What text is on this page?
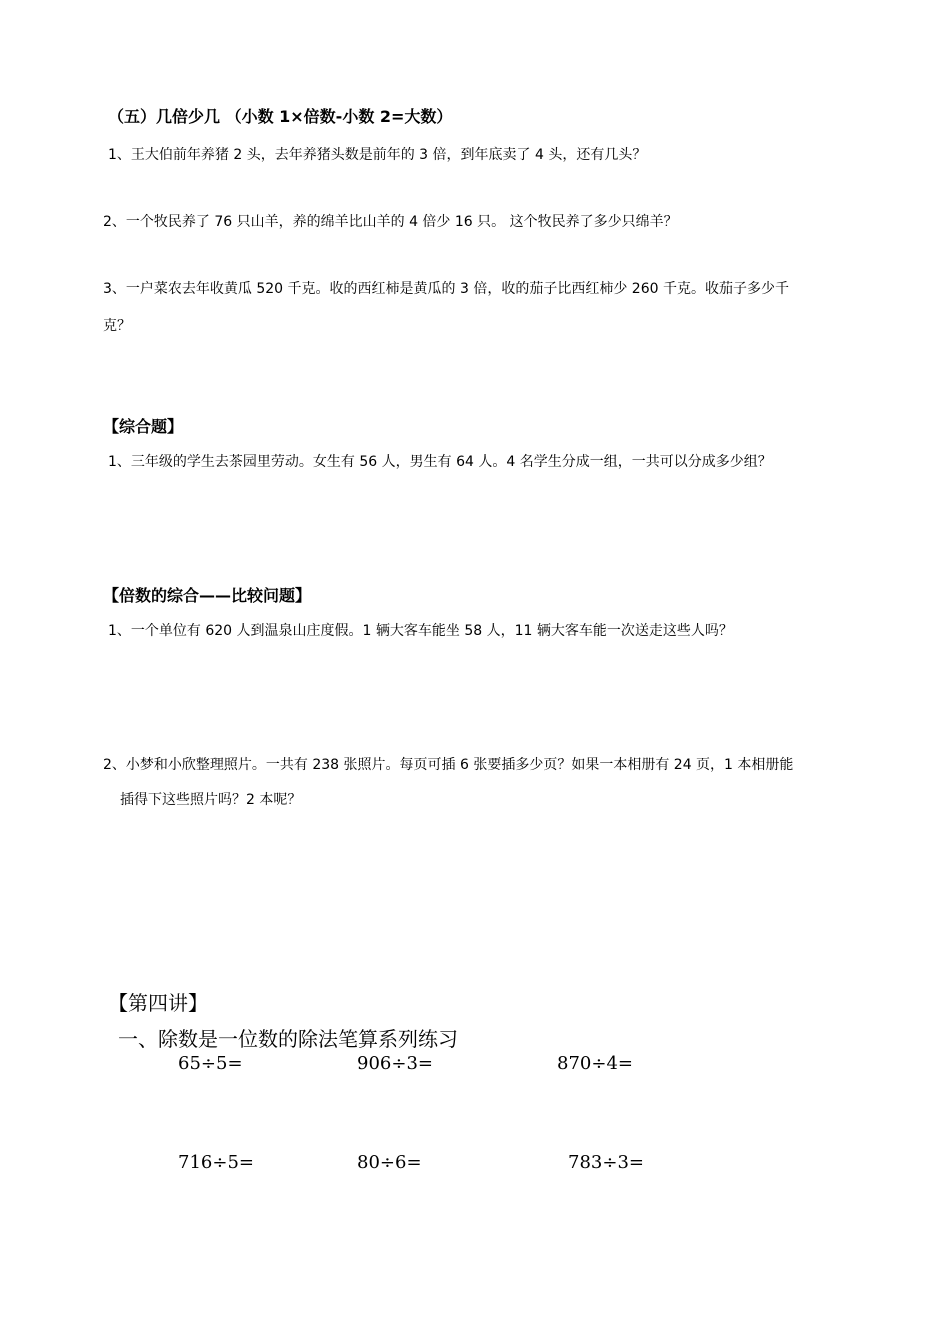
（五）几倍少几 （小数 1×倍数-小数 2=大数）
1、王大伯前年养猪 2 头，去年养猪头数是前年的 3 倍，到年底卖了 4 头，还有几头？
2、一个牧民养了 76 只山羊，养的绵羊比山羊的 4 倍少 16 只。 这个牧民养了多少只绵羊？
3、一户菜农去年收黄瓜 520 千克。收的西红柿是黄瓜的 3 倍，收的茄子比西红柿少 260 千克。收茄子多少千
克？
【综合题】
1、三年级的学生去茶园里劳动。女生有 56 人，男生有 64 人。4 名学生分成一组，一共可以分成多少组？
【倍数的综合——比较问题】
1、一个单位有 620 人到温泉山庄度假。1 辆大客车能坐 58 人，11 辆大客车能一次送走这些人吗？
2、小梦和小欣整理照片。一共有 238 张照片。每页可插 6 张要插多少页？如果一本相册有 24 页，1 本相册能
插得下这些照片吗？2 本呢？
【第四讲】
一、除数是一位数的除法笔算系列练习
65÷5=	906÷3=	870÷4=
716÷5=	80÷6=	783÷3=
